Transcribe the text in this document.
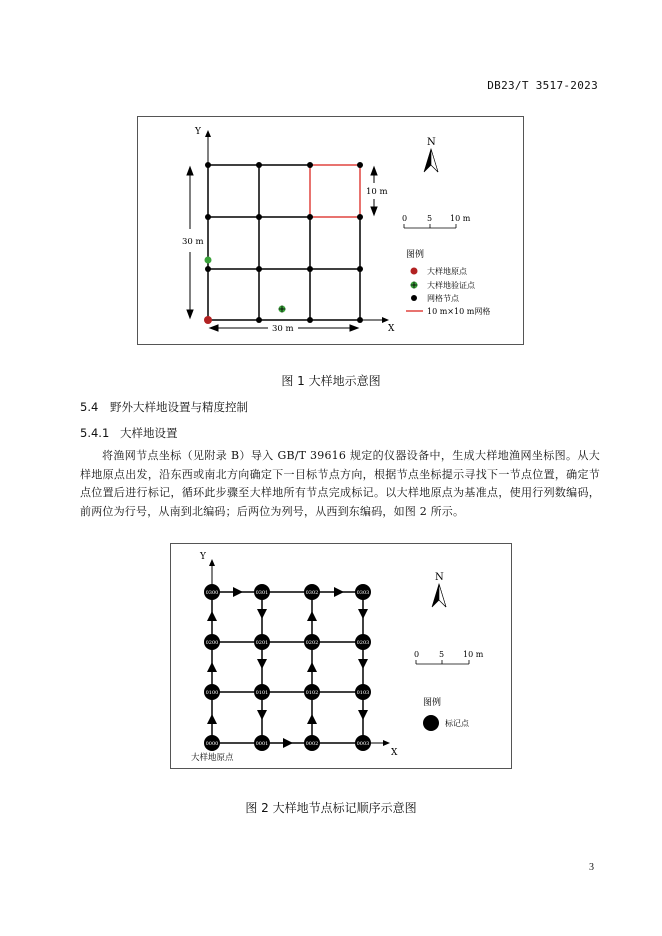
DB23/T 3517-2023
Y
X
30 m
30 m
10 m
N
0 5 10 m
图例
大样地原点
大样地验证点
网格节点
10 m×10 m网格
图 1 大样地示意图
5.4 野外大样地设置与精度控制
5.4.1 大样地设置
将渔网节点坐标（见附录 B）导入 GB/T 39616 规定的仪器设备中，生成大样地渔网坐标图。从大样地原点出发，沿东西或南北方向确定下一目标节点方向，根据节点坐标提示寻找下一节点位置，确定节点位置后进行标记，循环此步骤至大样地所有节点完成标记。以大样地原点为基准点，使用行列数编码，前两位为行号，从南到北编码；后两位为列号，从西到东编码，如图 2 所示。
Y
X
0300	0301	0302	0303
0200	0201	0202	0203
0100	0101	0102	0103
0000	0001	0002	0003
大样地原点
N
0 5 10 m
图例
标记点
图 2 大样地节点标记顺序示意图
3
